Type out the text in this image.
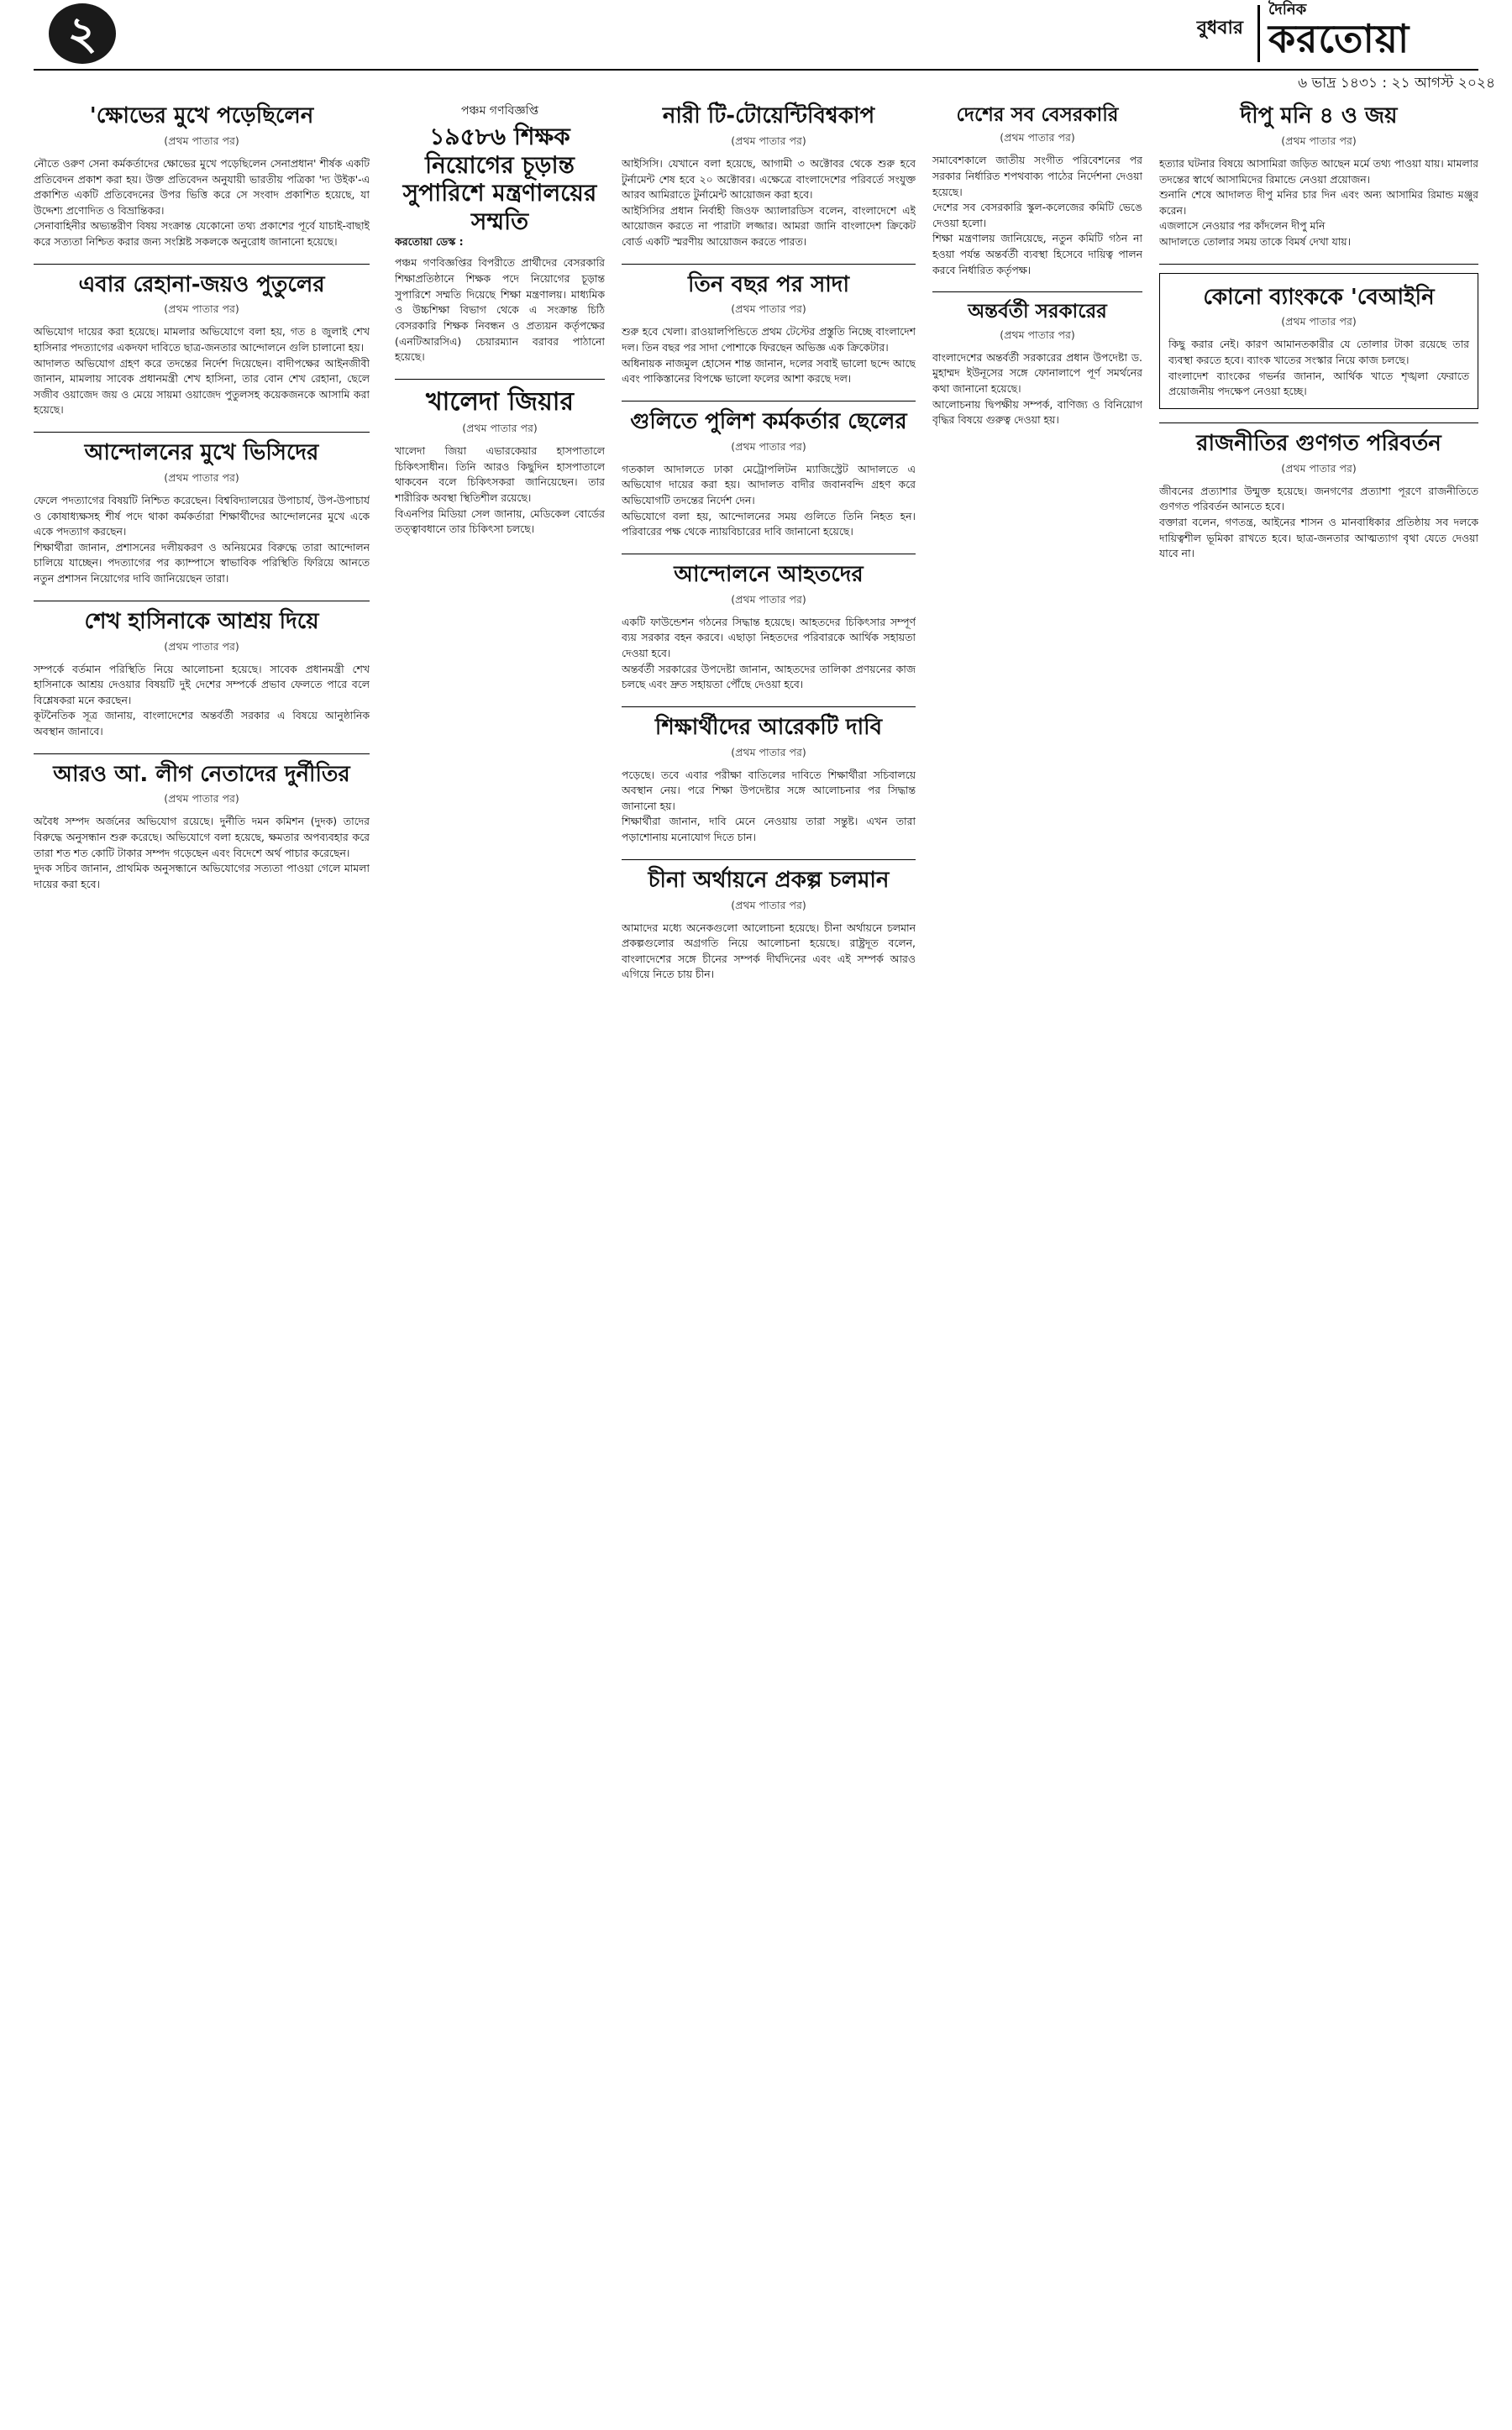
২	বুধবার
দৈনিক
করতোয়া
৬ ভাদ্র ১৪৩১ : ২১ আগস্ট ২০২৪
'ক্ষোভের মুখে পড়েছিলেন
(প্রথম পাতার পর)
নৌতে ওরুণ সেনা কর্মকর্তাদের ক্ষোভের মুখে পড়েছিলেন সেনাপ্রধান' শীর্ষক একটি প্রতিবেদন প্রকাশ করা হয়। উক্ত প্রতিবেদন অনুযায়ী ভারতীয় পত্রিকা 'দ্য উইক'-এ প্রকাশিত একটি প্রতিবেদনের উপর ভিত্তি করে সে সংবাদ প্রকাশিত হয়েছে, যা উদ্দেশ্য প্রণোদিত ও বিভ্রান্তিকর।
সেনাবাহিনীর অভ্যন্তরীণ বিষয় সংক্রান্ত যেকোনো তথ্য প্রকাশের পূর্বে যাচাই-বাছাই করে সত্যতা নিশ্চিত করার জন্য সংশ্লিষ্ট সকলকে অনুরোধ জানানো হয়েছে।
এবার রেহানা-জয়ও পুতুলের
(প্রথম পাতার পর)
অভিযোগ দায়ের করা হয়েছে। মামলার অভিযোগে বলা হয়, গত ৪ জুলাই শেখ হাসিনার পদত্যাগের একদফা দাবিতে ছাত্র-জনতার আন্দোলনে গুলি চালানো হয়।
আদালত অভিযোগ গ্রহণ করে তদন্তের নির্দেশ দিয়েছেন। বাদীপক্ষের আইনজীবী জানান, মামলায় সাবেক প্রধানমন্ত্রী শেখ হাসিনা, তার বোন শেখ রেহানা, ছেলে সজীব ওয়াজেদ জয় ও মেয়ে সায়মা ওয়াজেদ পুতুলসহ কয়েকজনকে আসামি করা হয়েছে।
আন্দোলনের মুখে ভিসিদের
(প্রথম পাতার পর)
ফেলে পদত্যাগের বিষয়টি নিশ্চিত করেছেন। বিশ্ববিদ্যালয়ের উপাচার্য, উপ-উপাচার্য ও কোষাধ্যক্ষসহ শীর্ষ পদে থাকা কর্মকর্তারা শিক্ষার্থীদের আন্দোলনের মুখে একে একে পদত্যাগ করছেন।
শিক্ষার্থীরা জানান, প্রশাসনের দলীয়করণ ও অনিয়মের বিরুদ্ধে তারা আন্দোলন চালিয়ে যাচ্ছেন। পদত্যাগের পর ক্যাম্পাসে স্বাভাবিক পরিস্থিতি ফিরিয়ে আনতে নতুন প্রশাসন নিয়োগের দাবি জানিয়েছেন তারা।
শেখ হাসিনাকে আশ্রয় দিয়ে
(প্রথম পাতার পর)
সম্পর্কে বর্তমান পরিস্থিতি নিয়ে আলোচনা হয়েছে। সাবেক প্রধানমন্ত্রী শেখ হাসিনাকে আশ্রয় দেওয়ার বিষয়টি দুই দেশের সম্পর্কে প্রভাব ফেলতে পারে বলে বিশ্লেষকরা মনে করছেন।
কূটনৈতিক সূত্র জানায়, বাংলাদেশের অন্তর্বর্তী সরকার এ বিষয়ে আনুষ্ঠানিক অবস্থান জানাবে।
আরও আ. লীগ নেতাদের দুর্নীতির
(প্রথম পাতার পর)
অবৈধ সম্পদ অর্জনের অভিযোগ রয়েছে। দুর্নীতি দমন কমিশন (দুদক) তাদের বিরুদ্ধে অনুসন্ধান শুরু করেছে। অভিযোগে বলা হয়েছে, ক্ষমতার অপব্যবহার করে তারা শত শত কোটি টাকার সম্পদ গড়েছেন এবং বিদেশে অর্থ পাচার করেছেন।
দুদক সচিব জানান, প্রাথমিক অনুসন্ধানে অভিযোগের সত্যতা পাওয়া গেলে মামলা দায়ের করা হবে।
পঞ্চম গণবিজ্ঞপ্তি
১৯৫৮৬ শিক্ষক নিয়োগের চূড়ান্ত সুপারিশে মন্ত্রণালয়ের সম্মতি
করতোয়া ডেস্ক :
পঞ্চম গণবিজ্ঞপ্তির বিপরীতে প্রার্থীদের বেসরকারি শিক্ষাপ্রতিষ্ঠানে শিক্ষক পদে নিয়োগের চূড়ান্ত সুপারিশে সম্মতি দিয়েছে শিক্ষা মন্ত্রণালয়। মাধ্যমিক ও উচ্চশিক্ষা বিভাগ থেকে এ সংক্রান্ত চিঠি বেসরকারি শিক্ষক নিবন্ধন ও প্রত্যয়ন কর্তৃপক্ষের (এনটিআরসিএ) চেয়ারম্যান বরাবর পাঠানো হয়েছে।
খালেদা জিয়ার
(প্রথম পাতার পর)
খালেদা জিয়া এভারকেয়ার হাসপাতালে চিকিৎসাধীন। তিনি আরও কিছুদিন হাসপাতালে থাকবেন বলে চিকিৎসকরা জানিয়েছেন। তার শারীরিক অবস্থা স্থিতিশীল রয়েছে।
বিএনপির মিডিয়া সেল জানায়, মেডিকেল বোর্ডের তত্ত্বাবধানে তার চিকিৎসা চলছে।
নারী টি-টোয়েন্টিবিশ্বকাপ
(প্রথম পাতার পর)
আইসিসি। যেখানে বলা হয়েছে, আগামী ৩ অক্টোবর থেকে শুরু হবে টুর্নামেন্ট শেষ হবে ২০ অক্টোবর। এক্ষেত্রে বাংলাদেশের পরিবর্তে সংযুক্ত আরব আমিরাতে টুর্নামেন্ট আয়োজন করা হবে।
আইসিসির প্রধান নির্বাহী জিওফ অ্যালারডিস বলেন, বাংলাদেশে এই আয়োজন করতে না পারাটা লজ্জার। আমরা জানি বাংলাদেশ ক্রিকেট বোর্ড একটি স্মরণীয় আয়োজন করতে পারত।
তিন বছর পর সাদা
(প্রথম পাতার পর)
শুরু হবে খেলা। রাওয়ালপিন্ডিতে প্রথম টেস্টের প্রস্তুতি নিচ্ছে বাংলাদেশ দল। তিন বছর পর সাদা পোশাকে ফিরছেন অভিজ্ঞ এক ক্রিকেটার।
অধিনায়ক নাজমুল হোসেন শান্ত জানান, দলের সবাই ভালো ছন্দে আছে এবং পাকিস্তানের বিপক্ষে ভালো ফলের আশা করছে দল।
গুলিতে পুলিশ কর্মকর্তার ছেলের
(প্রথম পাতার পর)
গতকাল আদালতে ঢাকা মেট্রোপলিটন ম্যাজিস্ট্রেট আদালতে এ অভিযোগ দায়ের করা হয়। আদালত বাদীর জবানবন্দি গ্রহণ করে অভিযোগটি তদন্তের নির্দেশ দেন।
অভিযোগে বলা হয়, আন্দোলনের সময় গুলিতে তিনি নিহত হন। পরিবারের পক্ষ থেকে ন্যায়বিচারের দাবি জানানো হয়েছে।
আন্দোলনে আহতদের
(প্রথম পাতার পর)
একটি ফাউন্ডেশন গঠনের সিদ্ধান্ত হয়েছে। আহতদের চিকিৎসার সম্পূর্ণ ব্যয় সরকার বহন করবে। এছাড়া নিহতদের পরিবারকে আর্থিক সহায়তা দেওয়া হবে।
অন্তর্বর্তী সরকারের উপদেষ্টা জানান, আহতদের তালিকা প্রণয়নের কাজ চলছে এবং দ্রুত সহায়তা পৌঁছে দেওয়া হবে।
শিক্ষার্থীদের আরেকটি দাবি
(প্রথম পাতার পর)
পড়েছে। তবে এবার পরীক্ষা বাতিলের দাবিতে শিক্ষার্থীরা সচিবালয়ে অবস্থান নেয়। পরে শিক্ষা উপদেষ্টার সঙ্গে আলোচনার পর সিদ্ধান্ত জানানো হয়।
শিক্ষার্থীরা জানান, দাবি মেনে নেওয়ায় তারা সন্তুষ্ট। এখন তারা পড়াশোনায় মনোযোগ দিতে চান।
চীনা অর্থায়নে প্রকল্প চলমান
(প্রথম পাতার পর)
আমাদের মধ্যে অনেকগুলো আলোচনা হয়েছে। চীনা অর্থায়নে চলমান প্রকল্পগুলোর অগ্রগতি নিয়ে আলোচনা হয়েছে। রাষ্ট্রদূত বলেন, বাংলাদেশের সঙ্গে চীনের সম্পর্ক দীর্ঘদিনের এবং এই সম্পর্ক আরও এগিয়ে নিতে চায় চীন।
দেশের সব বেসরকারি
(প্রথম পাতার পর)
সমাবেশকালে জাতীয় সংগীত পরিবেশনের পর সরকার নির্ধারিত শপথবাক্য পাঠের নির্দেশনা দেওয়া হয়েছে।
দেশের সব বেসরকারি স্কুল-কলেজের কমিটি ভেঙে দেওয়া হলো।
শিক্ষা মন্ত্রণালয় জানিয়েছে, নতুন কমিটি গঠন না হওয়া পর্যন্ত অন্তর্বর্তী ব্যবস্থা হিসেবে দায়িত্ব পালন করবে নির্ধারিত কর্তৃপক্ষ।
অন্তর্বর্তী সরকারের
(প্রথম পাতার পর)
বাংলাদেশের অন্তর্বর্তী সরকারের প্রধান উপদেষ্টা ড. মুহাম্মদ ইউনূসের সঙ্গে ফোনালাপে পূর্ণ সমর্থনের কথা জানানো হয়েছে।
আলোচনায় দ্বিপক্ষীয় সম্পর্ক, বাণিজ্য ও বিনিয়োগ বৃদ্ধির বিষয়ে গুরুত্ব দেওয়া হয়।
দীপু মনি ৪ ও জয়
(প্রথম পাতার পর)
হত্যার ঘটনার বিষয়ে আসামিরা জড়িত আছেন মর্মে তথ্য পাওয়া যায়। মামলার তদন্তের স্বার্থে আসামিদের রিমান্ডে নেওয়া প্রয়োজন।
শুনানি শেষে আদালত দীপু মনির চার দিন এবং অন্য আসামির রিমান্ড মঞ্জুর করেন।
এজলাসে নেওয়ার পর কাঁদলেন দীপু মনি
আদালতে তোলার সময় তাকে বিমর্ষ দেখা যায়।
কোনো ব্যাংককে 'বেআইনি
(প্রথম পাতার পর)
কিছু করার নেই। কারণ আমানতকারীর যে তোলার টাকা রয়েছে তার ব্যবস্থা করতে হবে। ব্যাংক খাতের সংস্কার নিয়ে কাজ চলছে।
বাংলাদেশ ব্যাংকের গভর্নর জানান, আর্থিক খাতে শৃঙ্খলা ফেরাতে প্রয়োজনীয় পদক্ষেপ নেওয়া হচ্ছে।
রাজনীতির গুণগত পরিবর্তন
(প্রথম পাতার পর)
জীবনের প্রত্যাশার উন্মুক্ত হয়েছে। জনগণের প্রত্যাশা পূরণে রাজনীতিতে গুণগত পরিবর্তন আনতে হবে।
বক্তারা বলেন, গণতন্ত্র, আইনের শাসন ও মানবাধিকার প্রতিষ্ঠায় সব দলকে দায়িত্বশীল ভূমিকা রাখতে হবে। ছাত্র-জনতার আত্মত্যাগ বৃথা যেতে দেওয়া যাবে না।
